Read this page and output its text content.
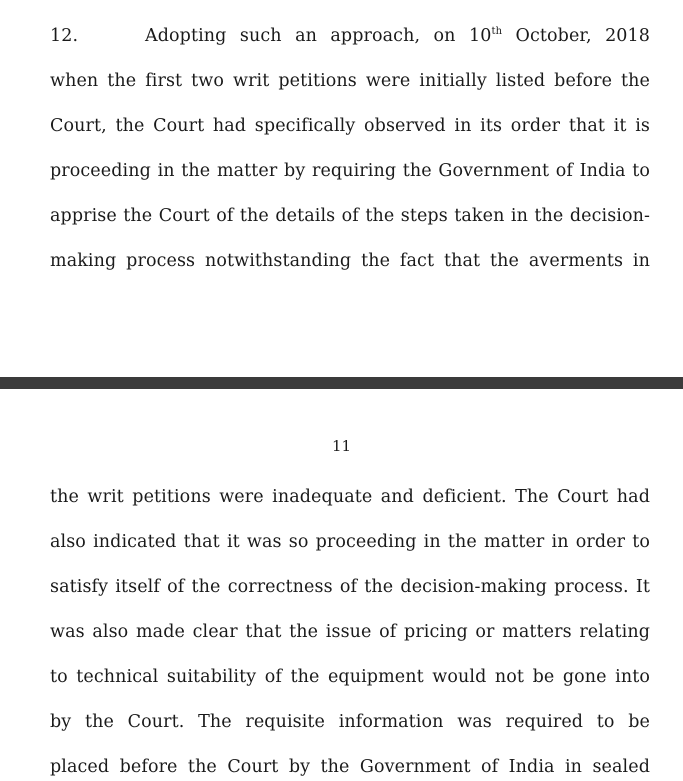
12.	Adopting such an approach, on 10th October, 2018
when the first two writ petitions were initially listed before the
Court, the Court had specifically observed in its order that it is
proceeding in the matter by requiring the Government of India to
apprise the Court of the details of the steps taken in the decision-
making process notwithstanding the fact that the averments in
11
the writ petitions were inadequate and deficient. The Court had
also indicated that it was so proceeding in the matter in order to
satisfy itself of the correctness of the decision-making process. It
was also made clear that the issue of pricing or matters relating
to technical suitability of the equipment would not be gone into
by the Court. The requisite information was required to be
placed before the Court by the Government of India in sealed
